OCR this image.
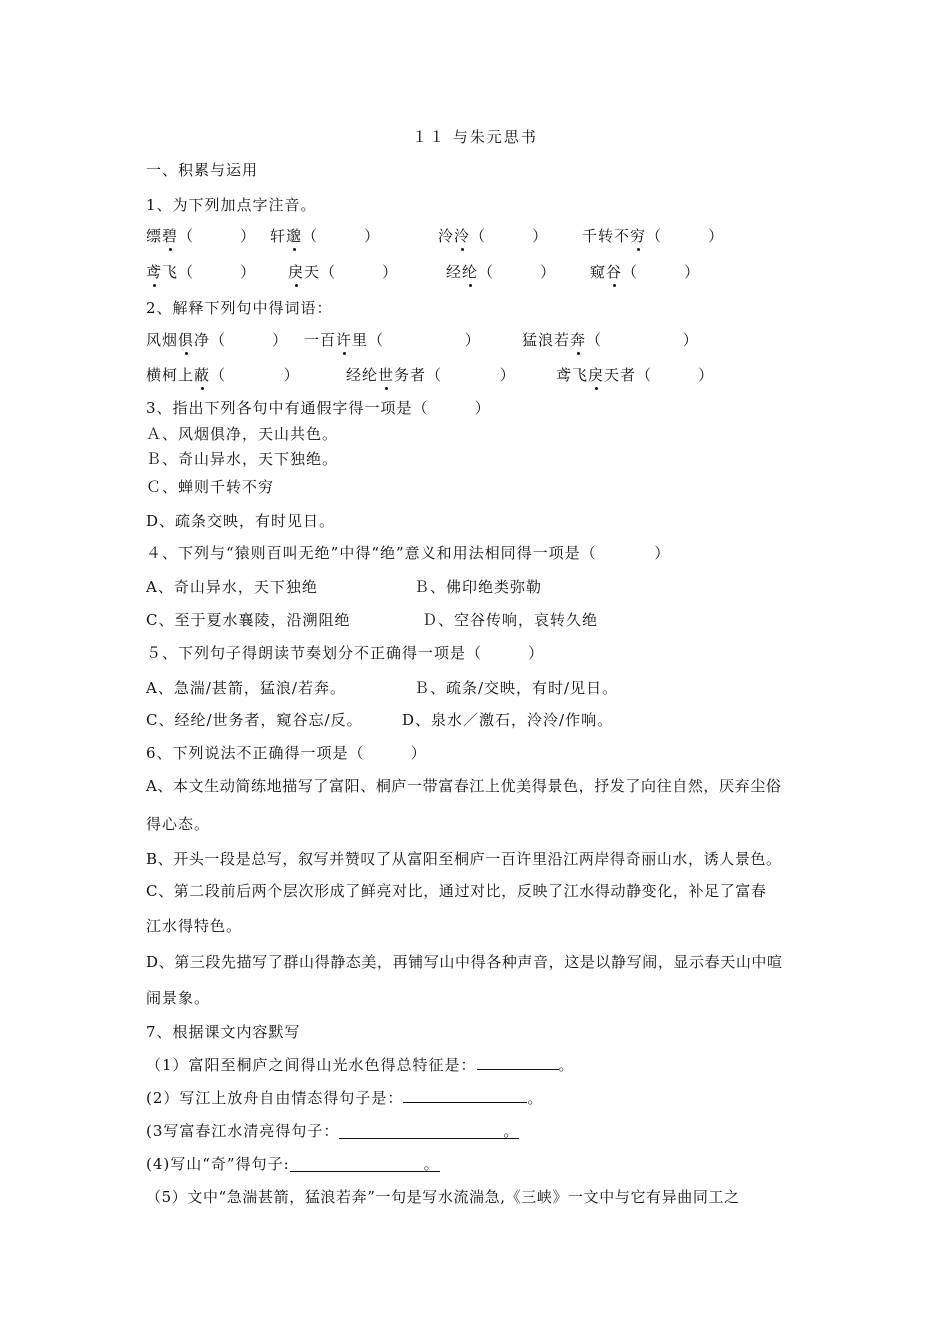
１１ 与朱元思书
一、积累与运用
1、为下列加点字注音。
缥碧（        ） 轩邈（        ）	泠泠（        ） 千转不穷（        ）
鸢飞（        ） 戾天（        ）	经纶（        ） 窥谷（        ）
2、解释下列句中得词语：
风烟俱净（        ） 一百许里（              ）	猛浪若奔（              ）
横柯上蔽（          ）	经纶世务者（          ）	鸢飞戾天者（        ）
3、指出下列各句中有通假字得一项是（        ）
Ａ、风烟俱净，天山共色。
Ｂ、奇山异水，天下独绝。
Ｃ、蝉则千转不穷
D、疏条交映，有时见日。
４、下列与“猿则百叫无绝”中得“绝”意义和用法相同得一项是（          ）
A、奇山异水，天下独绝	Ｂ、佛印绝类弥勒
C、至于夏水襄陵，沿溯阻绝	Ｄ、空谷传响，哀转久绝
５、下列句子得朗读节奏划分不正确得一项是（        ）
A、急湍/甚箭，猛浪/若奔。	Ｂ、疏条/交映，有时/见日。
C、经纶/世务者，窥谷忘/反。	D、泉水／激石，泠泠/作响。
6、下列说法不正确得一项是（        ）
A、本文生动简练地描写了富阳、桐庐一带富春江上优美得景色，抒发了向往自然，厌弃尘俗
得心态。
B、开头一段是总写，叙写并赞叹了从富阳至桐庐一百许里沿江两岸得奇丽山水，诱人景色。
C、第二段前后两个层次形成了鲜亮对比，通过对比，反映了江水得动静变化，补足了富春
江水得特色。
D、第三段先描写了群山得静态美，再铺写山中得各种声音，这是以静写闹，显示春天山中喧
闹景象。
7、根据课文内容默写
（1）富阳至桐庐之间得山光水色得总特征是：	。
(2）写江上放舟自由情态得句子是：	。
(3写富春江水清亮得句子：	。
(4)写山“奇”得句子:	。
（5）文中“急湍甚箭，猛浪若奔”一句是写水流湍急,《三峡》一文中与它有异曲同工之
